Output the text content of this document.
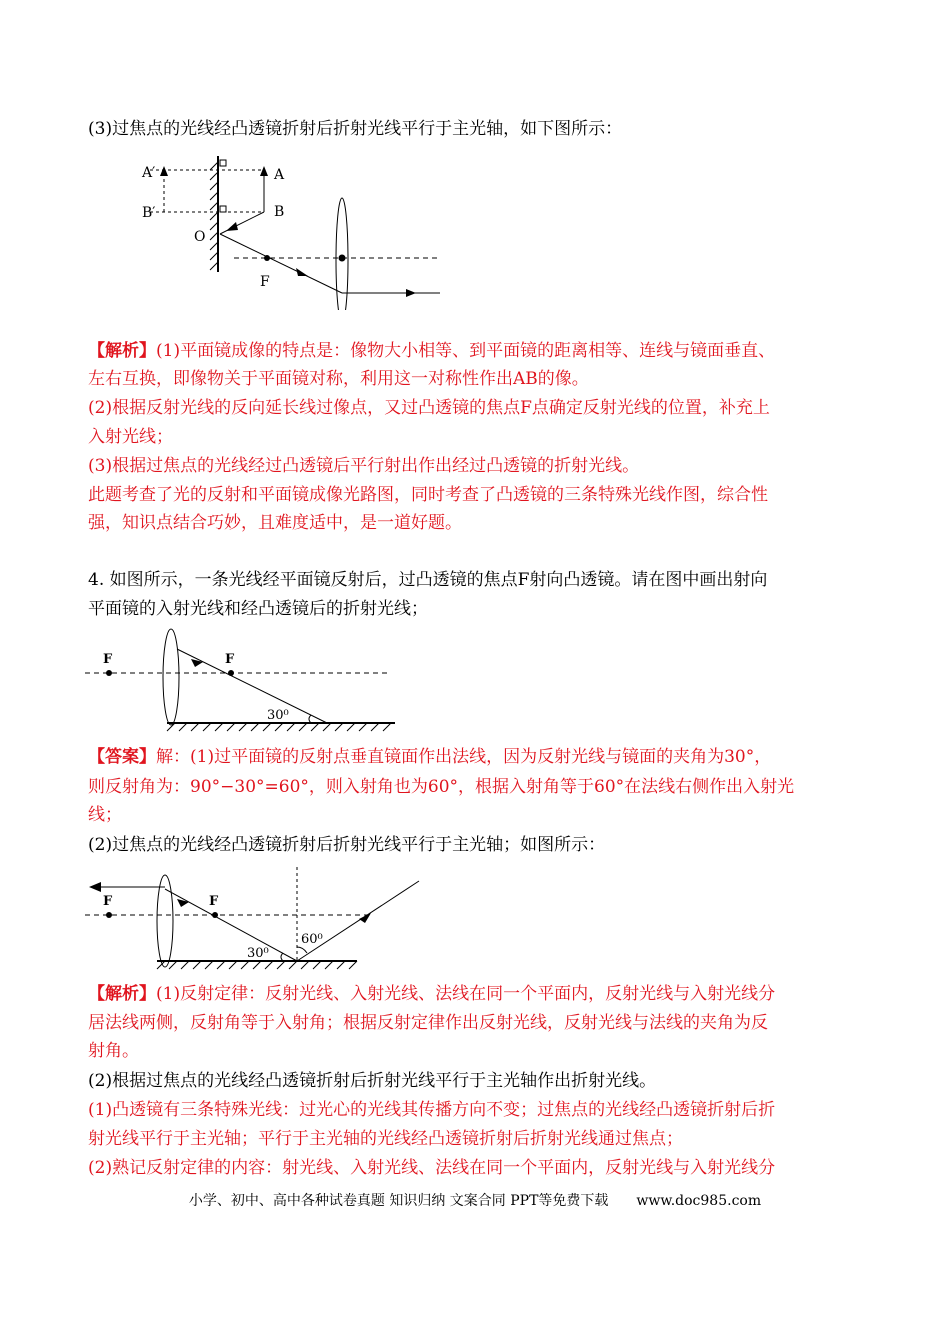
(3)过焦点的光线经凸透镜折射后折射光线平行于主光轴，如下图所示：
A′
B′
A
B
O
F
【解析】(1)平面镜成像的特点是：像物大小相等、到平面镜的距离相等、连线与镜面垂直、
左右互换，即像物关于平面镜对称，利用这一对称性作出AB的像。
(2)根据反射光线的反向延长线过像点，又过凸透镜的焦点F点确定反射光线的位置，补充上
入射光线；
(3)根据过焦点的光线经过凸透镜后平行射出作出经过凸透镜的折射光线。
此题考查了光的反射和平面镜成像光路图，同时考查了凸透镜的三条特殊光线作图，综合性
强，知识点结合巧妙，且难度适中，是一道好题。
4. 如图所示，一条光线经平面镜反射后，过凸透镜的焦点F射向凸透镜。请在图中画出射向
平面镜的入射光线和经凸透镜后的折射光线；
F	F
30⁰
【答案】解：(1)过平面镜的反射点垂直镜面作出法线，因为反射光线与镜面的夹角为30°，
则反射角为：90°−30°=60°，则入射角也为60°，根据入射角等于60°在法线右侧作出入射光
线；
(2)过焦点的光线经凸透镜折射后折射光线平行于主光轴；如图所示：
F	F
30⁰
60⁰
【解析】(1)反射定律：反射光线、入射光线、法线在同一个平面内，反射光线与入射光线分
居法线两侧，反射角等于入射角；根据反射定律作出反射光线，反射光线与法线的夹角为反
射角。
(2)根据过焦点的光线经凸透镜折射后折射光线平行于主光轴作出折射光线。
(1)凸透镜有三条特殊光线：过光心的光线其传播方向不变；过焦点的光线经凸透镜折射后折
射光线平行于主光轴；平行于主光轴的光线经凸透镜折射后折射光线通过焦点；
(2)熟记反射定律的内容：射光线、入射光线、法线在同一个平面内，反射光线与入射光线分
小学、初中、高中各种试卷真题 知识归纳 文案合同 PPT等免费下载 www.doc985.com
